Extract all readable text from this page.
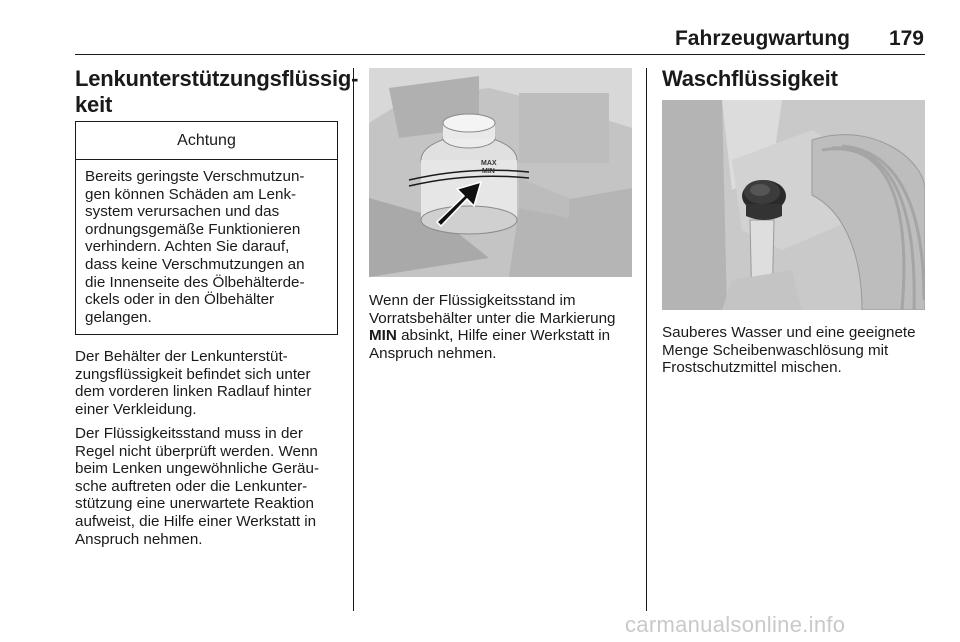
Fahrzeugwartung	179
Lenkunterstützungsflüssig-
keit
Achtung
Bereits geringste Verschmutzun-
gen können Schäden am Lenk-
system verursachen und das
ordnungsgemäße Funktionieren
verhindern. Achten Sie darauf,
dass keine Verschmutzungen an
die Innenseite des Ölbehälterde-
ckels oder in den Ölbehälter
gelangen.
Der Behälter der Lenkunterstüt-
zungsflüssigkeit befindet sich unter
dem vorderen linken Radlauf hinter
einer Verkleidung.
Der Flüssigkeitsstand muss in der
Regel nicht überprüft werden. Wenn
beim Lenken ungewöhnliche Geräu-
sche auftreten oder die Lenkunter-
stützung eine unerwartete Reaktion
aufweist, die Hilfe einer Werkstatt in
Anspruch nehmen.
MAX
MIN
Wenn der Flüssigkeitsstand im
Vorratsbehälter unter die Markierung
MIN absinkt, Hilfe einer Werkstatt in
Anspruch nehmen.
Waschflüssigkeit
Sauberes Wasser und eine geeignete
Menge Scheibenwaschlösung mit
Frostschutzmittel mischen.
carmanualsonline.info
